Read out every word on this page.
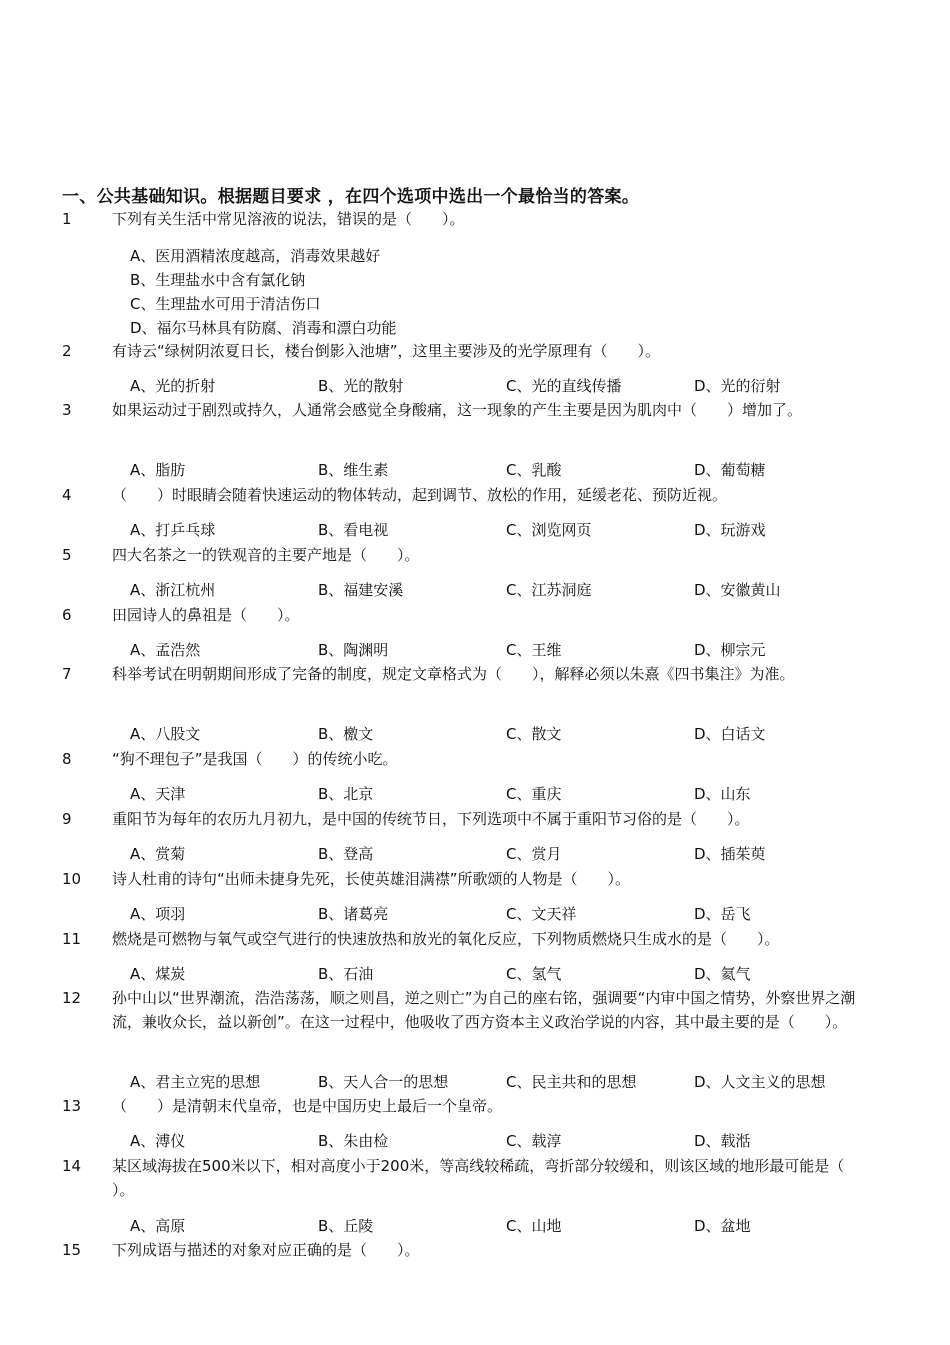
一、公共基础知识。根据题目要求 ，在四个选项中选出一个最恰当的答案。
1	下列有关生活中常见溶液的说法，错误的是（　　）。
A、医用酒精浓度越高，消毒效果越好
B、生理盐水中含有氯化钠
C、生理盐水可用于清洁伤口
D、福尔马林具有防腐、消毒和漂白功能
2	有诗云“绿树阴浓夏日长，楼台倒影入池塘”，这里主要涉及的光学原理有（　　）。
A、光的折射	B、光的散射	C、光的直线传播	D、光的衍射
3	如果运动过于剧烈或持久，人通常会感觉全身酸痛，这一现象的产生主要是因为肌肉中（　　）增加了。
A、脂肪	B、维生素	C、乳酸	D、葡萄糖
4	（　　）时眼睛会随着快速运动的物体转动，起到调节、放松的作用，延缓老花、预防近视。
A、打乒乓球	B、看电视	C、浏览网页	D、玩游戏
5	四大名茶之一的铁观音的主要产地是（　　）。
A、浙江杭州	B、福建安溪	C、江苏洞庭	D、安徽黄山
6	田园诗人的鼻祖是（　　）。
A、孟浩然	B、陶渊明	C、王维	D、柳宗元
7	科举考试在明朝期间形成了完备的制度，规定文章格式为（　　），解释必须以朱熹《四书集注》为准。
A、八股文	B、檄文	C、散文	D、白话文
8	“狗不理包子”是我国（　　）的传统小吃。
A、天津	B、北京	C、重庆	D、山东
9	重阳节为每年的农历九月初九，是中国的传统节日，下列选项中不属于重阳节习俗的是（　　）。
A、赏菊	B、登高	C、赏月	D、插茱萸
10	诗人杜甫的诗句“出师未捷身先死，长使英雄泪满襟”所歌颂的人物是（　　）。
A、项羽	B、诸葛亮	C、文天祥	D、岳飞
11	燃烧是可燃物与氧气或空气进行的快速放热和放光的氧化反应，下列物质燃烧只生成水的是（　　）。
A、煤炭	B、石油	C、氢气	D、氦气
12	孙中山以“世界潮流，浩浩荡荡，顺之则昌，逆之则亡”为自己的座右铭，强调要“内审中国之情势，外察世界之潮流，兼收众长，益以新创”。在这一过程中，他吸收了西方资本主义政治学说的内容，其中最主要的是（　　）。
A、君主立宪的思想	B、天人合一的思想	C、民主共和的思想	D、人文主义的思想
13	（　　）是清朝末代皇帝，也是中国历史上最后一个皇帝。
A、溥仪	B、朱由检	C、载淳	D、载湉
14	某区域海拔在500米以下，相对高度小于200米，等高线较稀疏，弯折部分较缓和，则该区域的地形最可能是（　　）。
A、高原	B、丘陵	C、山地	D、盆地
15	下列成语与描述的对象对应正确的是（　　）。
